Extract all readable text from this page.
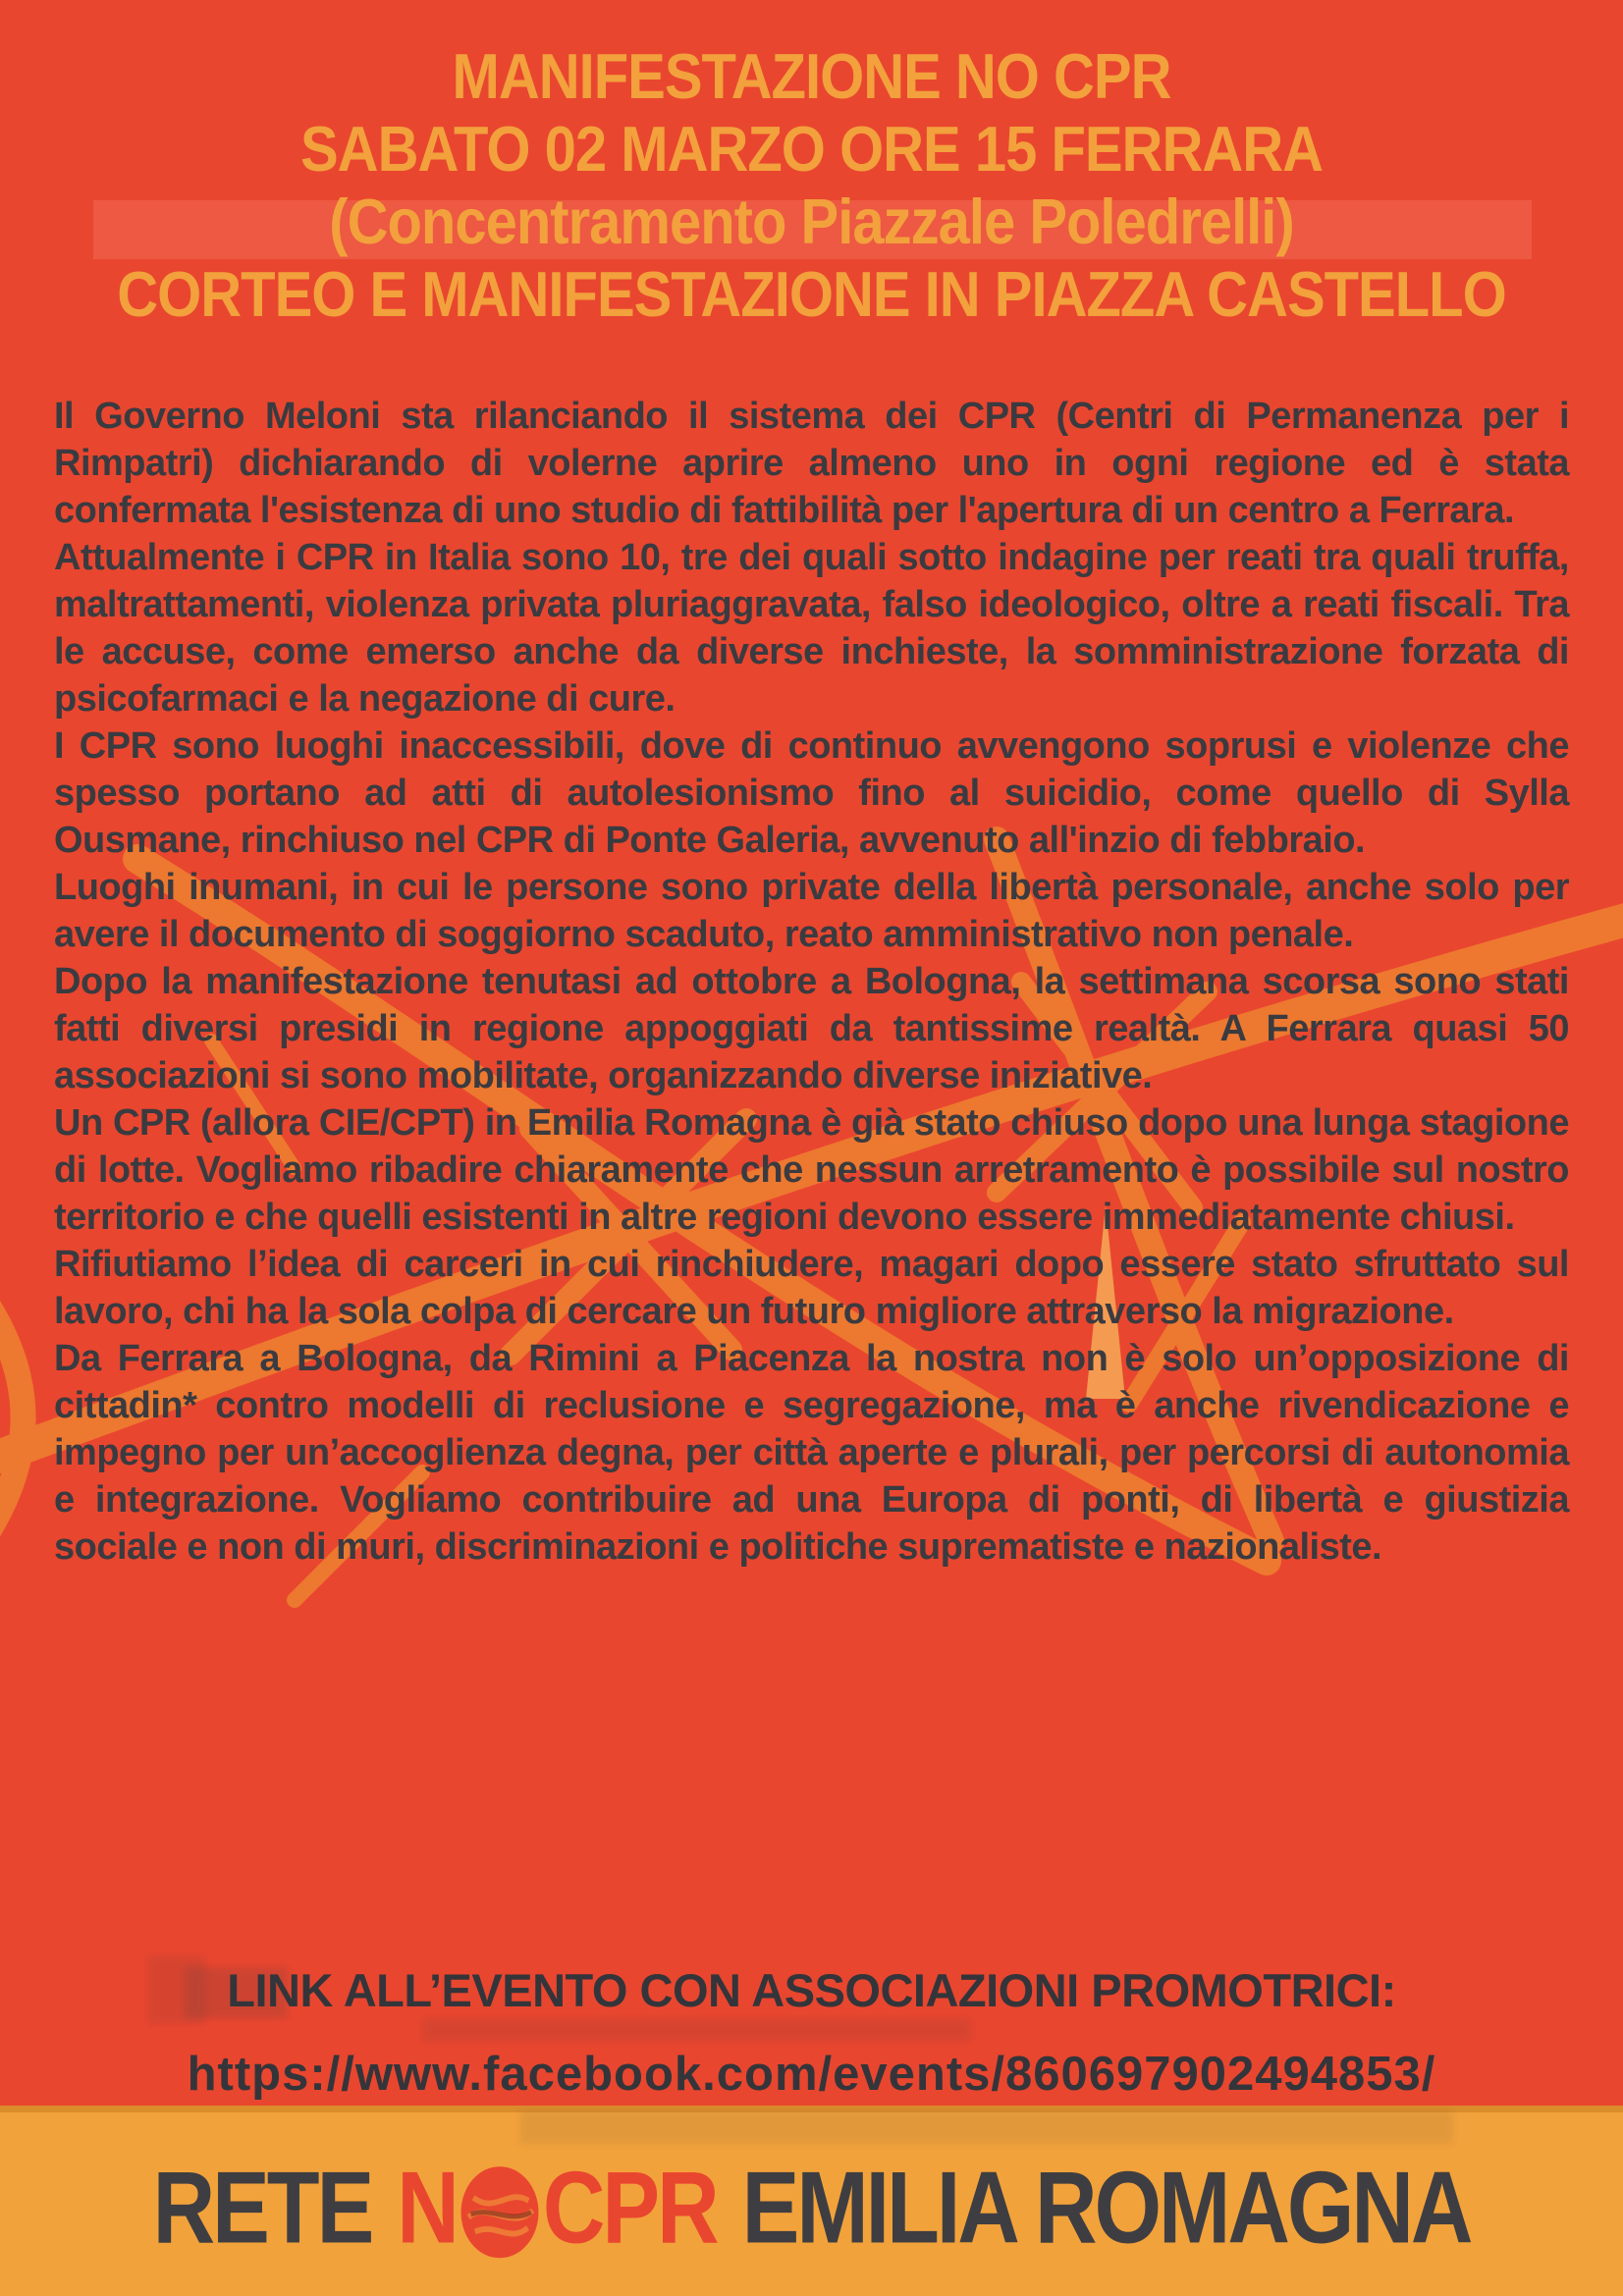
MANIFESTAZIONE NO CPR
SABATO 02 MARZO ORE 15 FERRARA
(Concentramento Piazzale Poledrelli)
CORTEO E MANIFESTAZIONE IN PIAZZA CASTELLO

Il Governo Meloni sta rilanciando il sistema dei CPR (Centri di Permanenza per i Rimpatri) dichiarando di volerne aprire almeno uno in ogni regione ed è stata confermata l'esistenza di uno studio di fattibilità per l'apertura di un centro a Ferrara.

Attualmente i CPR in Italia sono 10, tre dei quali sotto indagine per reati tra quali truffa, maltrattamenti, violenza privata pluriaggravata, falso ideologico, oltre a reati fiscali. Tra le accuse, come emerso anche da diverse inchieste, la somministrazione forzata di psicofarmaci e la negazione di cure.

I CPR sono luoghi inaccessibili, dove di continuo avvengono soprusi e violenze che spesso portano ad atti di autolesionismo fino al suicidio, come quello di Sylla Ousmane, rinchiuso nel CPR di Ponte Galeria, avvenuto all'inzio di febbraio.

Luoghi inumani, in cui le persone sono private della libertà personale, anche solo per avere il documento di soggiorno scaduto, reato amministrativo non penale.

Dopo la manifestazione tenutasi ad ottobre a Bologna, la settimana scorsa sono stati fatti diversi presidi in regione appoggiati da tantissime realtà. A Ferrara quasi 50 associazioni si sono mobilitate, organizzando diverse iniziative.

Un CPR (allora CIE/CPT) in Emilia Romagna è già stato chiuso dopo una lunga stagione di lotte. Vogliamo ribadire chiaramente che nessun arretramento è possibile sul nostro territorio e che quelli esistenti in altre regioni devono essere immediatamente chiusi.

Rifiutiamo l’idea di carceri in cui rinchiudere, magari dopo essere stato sfruttato sul lavoro, chi ha la sola colpa di cercare un futuro migliore attraverso la migrazione.

Da Ferrara a Bologna, da Rimini a Piacenza la nostra non è solo un’opposizione di cittadin* contro modelli di reclusione e segregazione, ma è anche rivendicazione e impegno per un’accoglienza degna, per città aperte e plurali, per percorsi di autonomia e integrazione. Vogliamo contribuire ad una Europa di ponti, di libertà e giustizia sociale e non di muri, discriminazioni e politiche suprematiste e nazionaliste.

LINK ALL’EVENTO CON ASSOCIAZIONI PROMOTRICI:
https://www.facebook.com/events/860697902494853/
RETE N CPR EMILIA ROMAGNA
